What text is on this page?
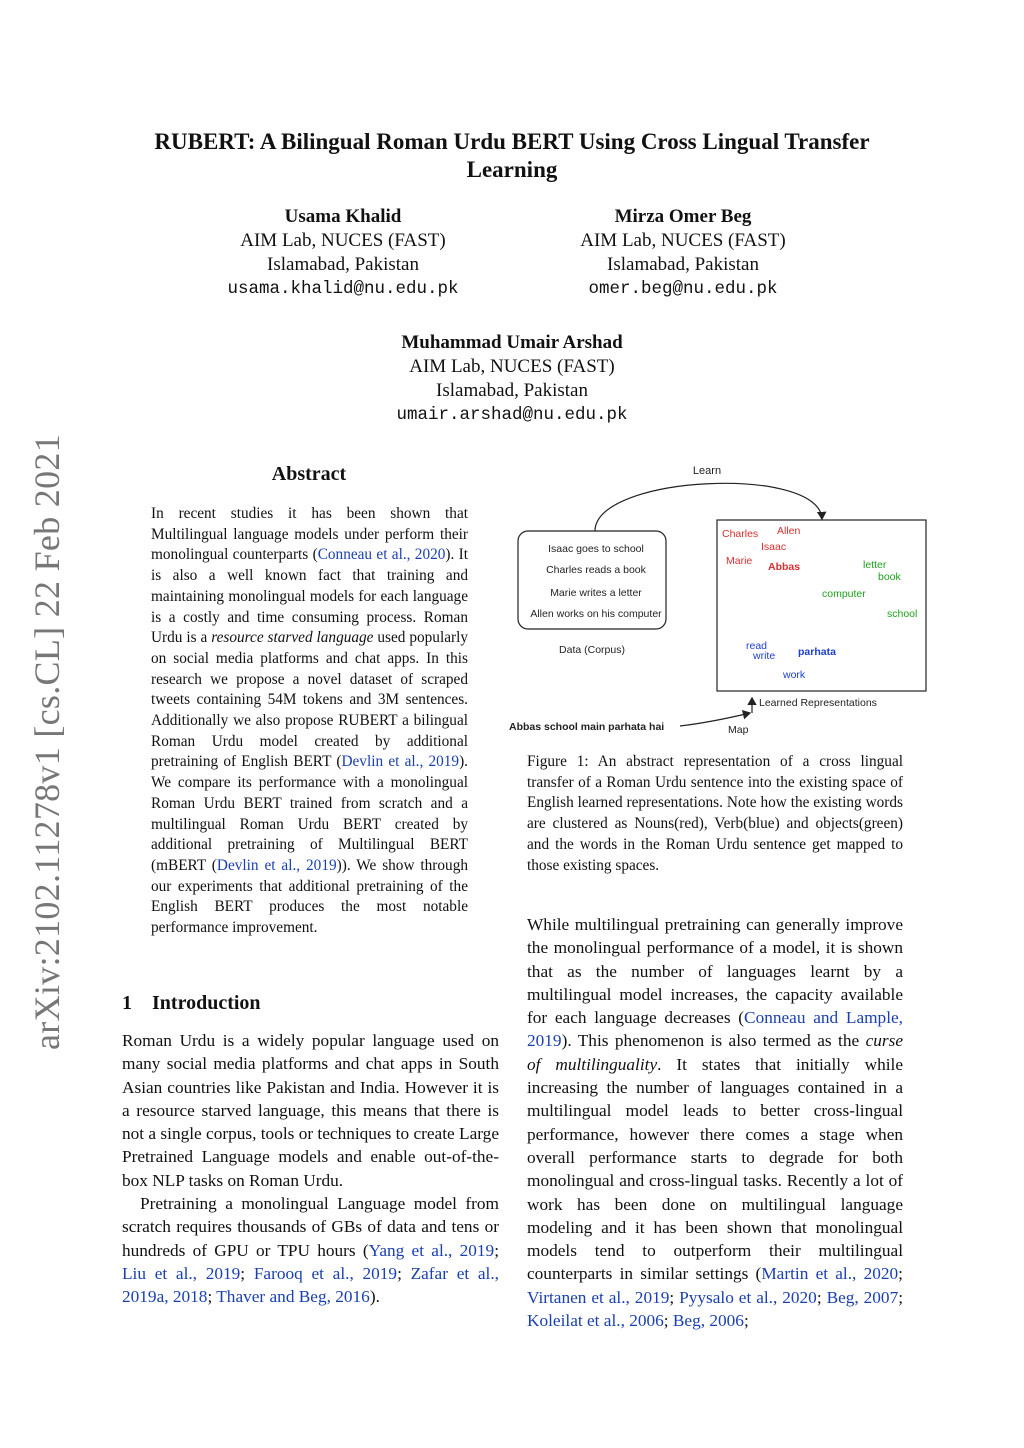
RUBERT: A Bilingual Roman Urdu BERT Using Cross Lingual Transfer Learning
Usama Khalid
AIM Lab, NUCES (FAST)
Islamabad, Pakistan
usama.khalid@nu.edu.pk
Mirza Omer Beg
AIM Lab, NUCES (FAST)
Islamabad, Pakistan
omer.beg@nu.edu.pk
Muhammad Umair Arshad
AIM Lab, NUCES (FAST)
Islamabad, Pakistan
umair.arshad@nu.edu.pk
arXiv:2102.11278v1 [cs.CL] 22 Feb 2021	Abstract
In recent studies it has been shown that Multilingual language models under perform their monolingual counterparts (Conneau et al., 2020). It is also a well known fact that training and maintaining monolingual models for each language is a costly and time consuming process. Roman Urdu is a resource starved language used popularly on social media platforms and chat apps. In this research we propose a novel dataset of scraped tweets containing 54M tokens and 3M sentences. Additionally we also propose RUBERT a bilingual Roman Urdu model created by additional pretraining of English BERT (Devlin et al., 2019). We compare its performance with a monolingual Roman Urdu BERT trained from scratch and a multilingual Roman Urdu BERT created by additional pretraining of Multilingual BERT (mBERT (Devlin et al., 2019)). We show through our experiments that additional pretraining of the English BERT produces the most notable performance improvement.
1 Introduction

Roman Urdu is a widely popular language used on many social media platforms and chat apps in South Asian countries like Pakistan and India. However it is a resource starved language, this means that there is not a single corpus, tools or techniques to create Large Pretrained Language models and enable out-of-the-box NLP tasks on Roman Urdu.

Pretraining a monolingual Language model from scratch requires thousands of GBs of data and tens or hundreds of GPU or TPU hours (Yang et al., 2019; Liu et al., 2019; Farooq et al., 2019; Zafar et al., 2019a, 2018; Thaver and Beg, 2016).

Learn
Isaac goes to school
Charles reads a book
Marie writes a letter
Allen works on his computer
Data (Corpus)
Charles Allen
Isaac
Marie Abbas	letter
book
computer
school
read
write parhata
work
Learned Representations
Abbas school main parhata hai	Map
Figure 1: An abstract representation of a cross lingual transfer of a Roman Urdu sentence into the existing space of English learned representations. Note how the existing words are clustered as Nouns(red), Verb(blue) and objects(green) and the words in the Roman Urdu sentence get mapped to those existing spaces.

While multilingual pretraining can generally improve the monolingual performance of a model, it is shown that as the number of languages learnt by a multilingual model increases, the capacity available for each language decreases (Conneau and Lample, 2019). This phenomenon is also termed as the curse of multilinguality. It states that initially while increasing the number of languages contained in a multilingual model leads to better cross-lingual performance, however there comes a stage when overall performance starts to degrade for both monolingual and cross-lingual tasks. Recently a lot of work has been done on multilingual language modeling and it has been shown that monolingual models tend to outperform their multilingual counterparts in similar settings (Martin et al., 2020; Virtanen et al., 2019; Pyysalo et al., 2020; Beg, 2007; Koleilat et al., 2006; Beg, 2006;
